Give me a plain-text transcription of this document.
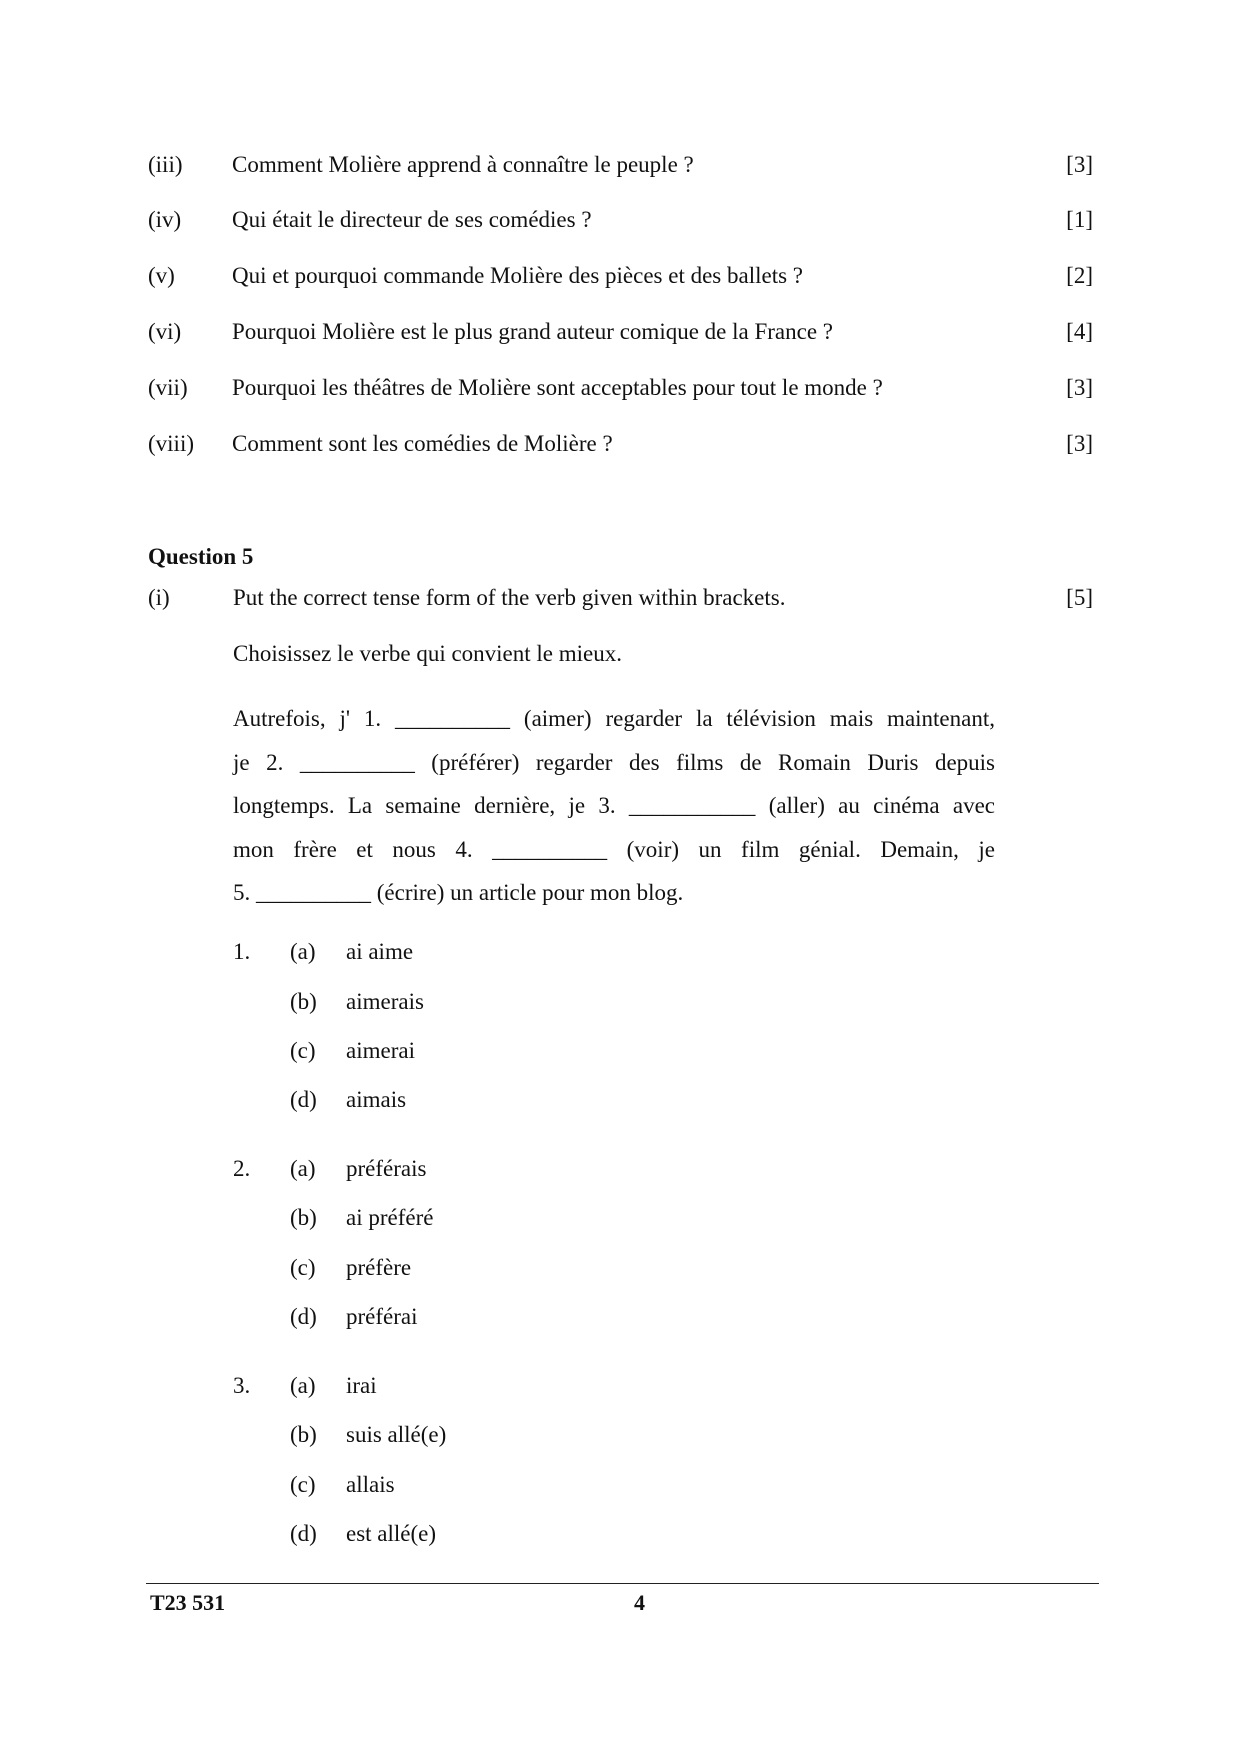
(iii) Comment Molière apprend à connaître le peuple ?	[3]
(iv) Qui était le directeur de ses comédies ?	[1]
(v) Qui et pourquoi commande Molière des pièces et des ballets ?	[2]
(vi) Pourquoi Molière est le plus grand auteur comique de la France ?	[4]
(vii) Pourquoi les théâtres de Molière sont acceptables pour tout le monde ?	[3]
(viii) Comment sont les comédies de Molière ?	[3]
Question 5
(i)	Put the correct tense form of the verb given within brackets.	[5]
Choisissez le verbe qui convient le mieux.
Autrefois, j' 1. __________ (aimer) regarder la télévision mais maintenant,
je 2. __________ (préférer) regarder des films de Romain Duris depuis
longtemps. La semaine dernière, je 3. ___________ (aller) au cinéma avec
mon frère et nous 4. __________ (voir) un film génial. Demain, je
5. __________ (écrire) un article pour mon blog.
1. (a) ai aime
(b) aimerais
(c) aimerai
(d) aimais
2. (a) préférais
(b) ai préféré
(c) préfère
(d) préférai
3. (a) irai
(b) suis allé(e)
(c) allais
(d) est allé(e)
T23 531	4
